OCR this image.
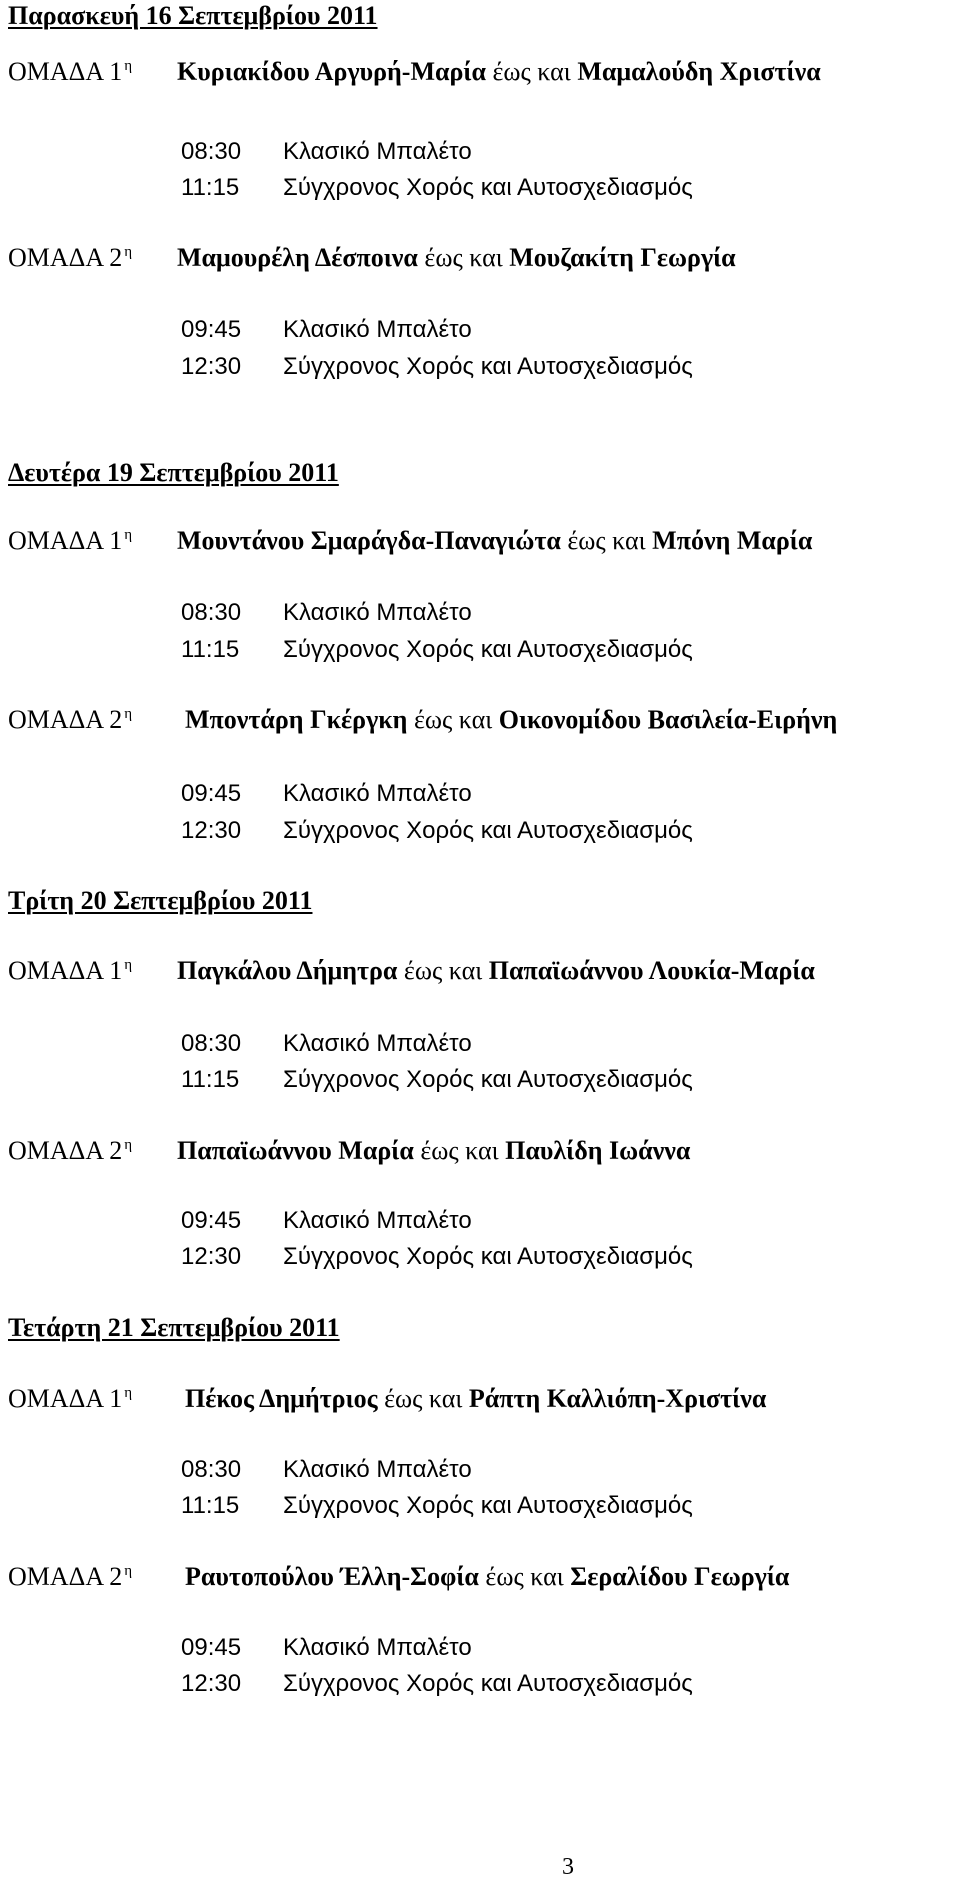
Παρασκευή 16 Σεπτεμβρίου 2011
ΟΜΑΔΑ 1 $^\eta$ Κυριακίδου Αργυρή-Μαρία έως και Μαμαλούδη Χριστίνα
08:30 Κλασικό Μπαλέτο
11:15 Σύγχρονος Χορός και Αυτοσχεδιασμός
ΟΜΑΔΑ 2 $^\eta$ Μαμουρέλη Δέσποινα έως και Μουζακίτη Γεωργία
09:45 Κλασικό Μπαλέτο
12:30 Σύγχρονος Χορός και Αυτοσχεδιασμός
Δευτέρα 19 Σεπτεμβρίου 2011
ΟΜΑΔΑ 1 $^\eta$ Μουντάνου Σμαράγδα-Παναγιώτα έως και Μπόνη Μαρία
08:30 Κλασικό Μπαλέτο
11:15 Σύγχρονος Χορός και Αυτοσχεδιασμός
ΟΜΑΔΑ 2 $^\eta$ Μποντάρη Γκέργκη έως και Οικονομίδου Βασιλεία-Ειρήνη
09:45 Κλασικό Μπαλέτο
12:30 Σύγχρονος Χορός και Αυτοσχεδιασμός
Τρίτη 20 Σεπτεμβρίου 2011
ΟΜΑΔΑ 1 $^\eta$ Παγκάλου Δήμητρα έως και Παπαϊωάννου Λουκία-Μαρία
08:30 Κλασικό Μπαλέτο
11:15 Σύγχρονος Χορός και Αυτοσχεδιασμός
ΟΜΑΔΑ 2 $^\eta$ Παπαϊωάννου Μαρία έως και Παυλίδη Ιωάννα
09:45 Κλασικό Μπαλέτο
12:30 Σύγχρονος Χορός και Αυτοσχεδιασμός
Τετάρτη 21 Σεπτεμβρίου 2011
ΟΜΑΔΑ 1 $^\eta$ Πέκος Δημήτριος έως και Ράπτη Καλλιόπη-Χριστίνα
08:30 Κλασικό Μπαλέτο
11:15 Σύγχρονος Χορός και Αυτοσχεδιασμός
ΟΜΑΔΑ 2 $^\eta$ Ραυτοπούλου Έλλη-Σοφία έως και Σεραλίδου Γεωργία
09:45 Κλασικό Μπαλέτο
12:30 Σύγχρονος Χορός και Αυτοσχεδιασμός
3
